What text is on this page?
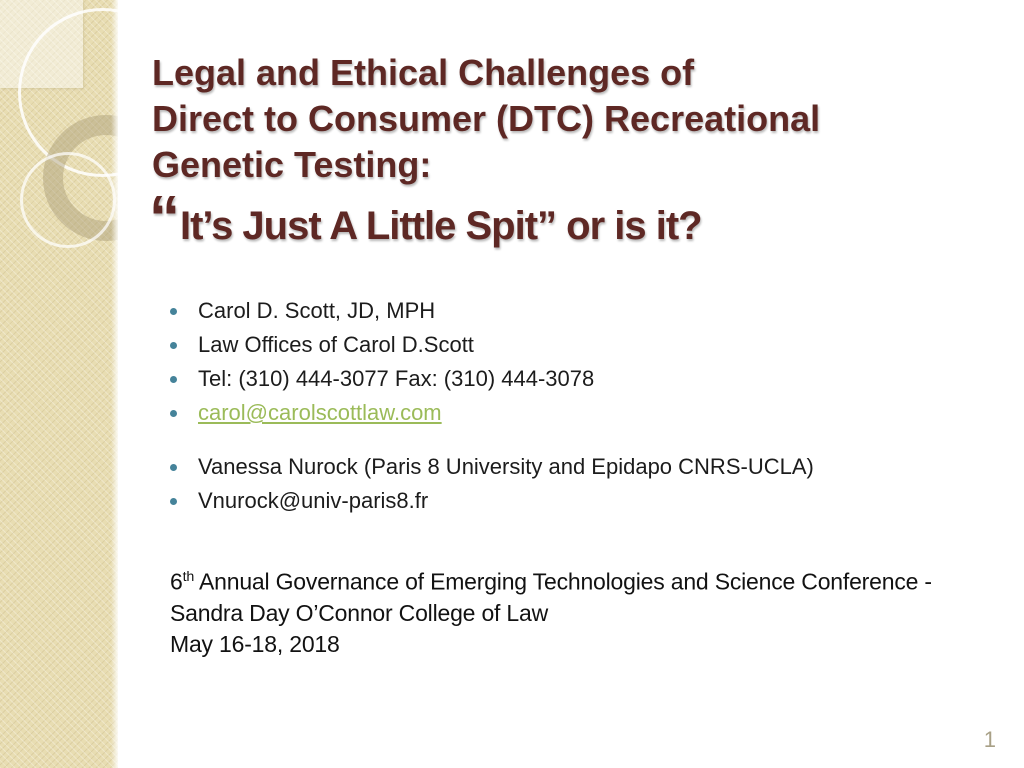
Legal and Ethical Challenges of
Direct to Consumer (DTC) Recreational
Genetic Testing:
“ It’s Just A Little Spit” or is it?
Carol D. Scott, JD, MPH
Law Offices of Carol D.Scott
Tel: (310) 444-3077 Fax: (310) 444-3078
carol@carolscottlaw.com
Vanessa Nurock (Paris 8 University and Epidapo CNRS-UCLA)
Vnurock@univ-paris8.fr
6th Annual Governance of Emerging Technologies and Science Conference -
Sandra Day O’Connor College of Law
May 16-18, 2018
1
